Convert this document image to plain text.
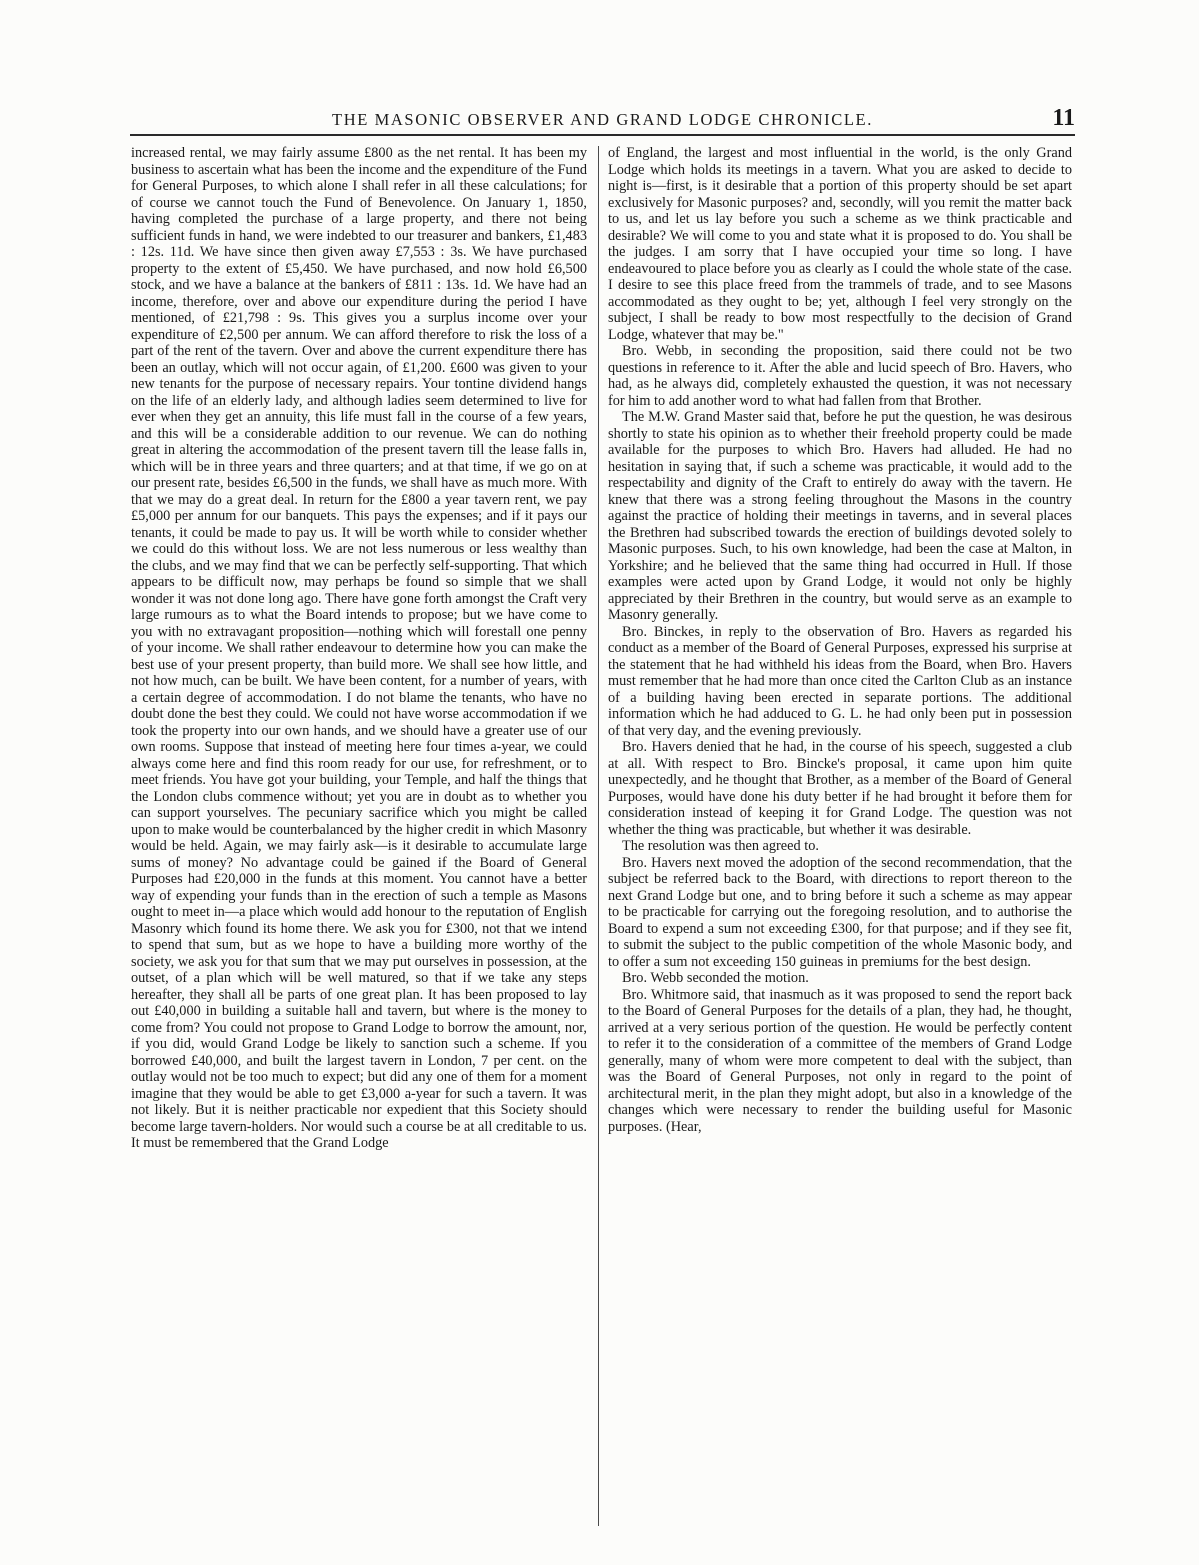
THE MASONIC OBSERVER AND GRAND LODGE CHRONICLE.	11

increased rental, we may fairly assume £800 as the net rental. It has been my business to ascertain what has been the income and the expenditure of the Fund for General Purposes, to which alone I shall refer in all these calculations; for of course we cannot touch the Fund of Benevolence. On January 1, 1850, having completed the purchase of a large property, and there not being sufficient funds in hand, we were indebted to our treasurer and bankers, £1,483 : 12s. 11d. We have since then given away £7,553 : 3s. We have purchased property to the extent of £5,450. We have purchased, and now hold £6,500 stock, and we have a balance at the bankers of £811 : 13s. 1d. We have had an income, therefore, over and above our expenditure during the period I have mentioned, of £21,798 : 9s. This gives you a surplus income over your expenditure of £2,500 per annum. We can afford therefore to risk the loss of a part of the rent of the tavern. Over and above the current expenditure there has been an outlay, which will not occur again, of £1,200. £600 was given to your new tenants for the purpose of necessary repairs. Your tontine dividend hangs on the life of an elderly lady, and although ladies seem determined to live for ever when they get an annuity, this life must fall in the course of a few years, and this will be a considerable addition to our revenue. We can do nothing great in altering the accommodation of the present tavern till the lease falls in, which will be in three years and three quarters; and at that time, if we go on at our present rate, besides £6,500 in the funds, we shall have as much more. With that we may do a great deal. In return for the £800 a year tavern rent, we pay £5,000 per annum for our banquets. This pays the expenses; and if it pays our tenants, it could be made to pay us. It will be worth while to consider whether we could do this without loss. We are not less numerous or less wealthy than the clubs, and we may find that we can be perfectly self-supporting. That which appears to be difficult now, may perhaps be found so simple that we shall wonder it was not done long ago. There have gone forth amongst the Craft very large rumours as to what the Board intends to propose; but we have come to you with no extravagant proposition—nothing which will forestall one penny of your income. We shall rather endeavour to determine how you can make the best use of your present property, than build more. We shall see how little, and not how much, can be built. We have been content, for a number of years, with a certain degree of accommodation. I do not blame the tenants, who have no doubt done the best they could. We could not have worse accommodation if we took the property into our own hands, and we should have a greater use of our own rooms. Suppose that instead of meeting here four times a-year, we could always come here and find this room ready for our use, for refreshment, or to meet friends. You have got your building, your Temple, and half the things that the London clubs commence without; yet you are in doubt as to whether you can support yourselves. The pecuniary sacrifice which you might be called upon to make would be counterbalanced by the higher credit in which Masonry would be held. Again, we may fairly ask—is it desirable to accumulate large sums of money? No advantage could be gained if the Board of General Purposes had £20,000 in the funds at this moment. You cannot have a better way of expending your funds than in the erection of such a temple as Masons ought to meet in—a place which would add honour to the reputation of English Masonry which found its home there. We ask you for £300, not that we intend to spend that sum, but as we hope to have a building more worthy of the society, we ask you for that sum that we may put ourselves in possession, at the outset, of a plan which will be well matured, so that if we take any steps hereafter, they shall all be parts of one great plan. It has been proposed to lay out £40,000 in building a suitable hall and tavern, but where is the money to come from? You could not propose to Grand Lodge to borrow the amount, nor, if you did, would Grand Lodge be likely to sanction such a scheme. If you borrowed £40,000, and built the largest tavern in London, 7 per cent. on the outlay would not be too much to expect; but did any one of them for a moment imagine that they would be able to get £3,000 a-year for such a tavern. It was not likely. But it is neither practicable nor expedient that this Society should become large tavern-holders. Nor would such a course be at all creditable to us. It must be remembered that the Grand Lodge

of England, the largest and most influential in the world, is the only Grand Lodge which holds its meetings in a tavern. What you are asked to decide to night is—first, is it desirable that a portion of this property should be set apart exclusively for Masonic purposes? and, secondly, will you remit the matter back to us, and let us lay before you such a scheme as we think practicable and desirable? We will come to you and state what it is proposed to do. You shall be the judges. I am sorry that I have occupied your time so long. I have endeavoured to place before you as clearly as I could the whole state of the case. I desire to see this place freed from the trammels of trade, and to see Masons accommodated as they ought to be; yet, although I feel very strongly on the subject, I shall be ready to bow most respectfully to the decision of Grand Lodge, whatever that may be."

Bro. Webb, in seconding the proposition, said there could not be two questions in reference to it. After the able and lucid speech of Bro. Havers, who had, as he always did, completely exhausted the question, it was not necessary for him to add another word to what had fallen from that Brother.

The M.W. Grand Master said that, before he put the question, he was desirous shortly to state his opinion as to whether their freehold property could be made available for the purposes to which Bro. Havers had alluded. He had no hesitation in saying that, if such a scheme was practicable, it would add to the respectability and dignity of the Craft to entirely do away with the tavern. He knew that there was a strong feeling throughout the Masons in the country against the practice of holding their meetings in taverns, and in several places the Brethren had subscribed towards the erection of buildings devoted solely to Masonic purposes. Such, to his own knowledge, had been the case at Malton, in Yorkshire; and he believed that the same thing had occurred in Hull. If those examples were acted upon by Grand Lodge, it would not only be highly appreciated by their Brethren in the country, but would serve as an example to Masonry generally.

Bro. Binckes, in reply to the observation of Bro. Havers as regarded his conduct as a member of the Board of General Purposes, expressed his surprise at the statement that he had withheld his ideas from the Board, when Bro. Havers must remember that he had more than once cited the Carlton Club as an instance of a building having been erected in separate portions. The additional information which he had adduced to G. L. he had only been put in possession of that very day, and the evening previously.

Bro. Havers denied that he had, in the course of his speech, suggested a club at all. With respect to Bro. Bincke's proposal, it came upon him quite unexpectedly, and he thought that Brother, as a member of the Board of General Purposes, would have done his duty better if he had brought it before them for consideration instead of keeping it for Grand Lodge. The question was not whether the thing was practicable, but whether it was desirable.

The resolution was then agreed to.

Bro. Havers next moved the adoption of the second recommendation, that the subject be referred back to the Board, with directions to report thereon to the next Grand Lodge but one, and to bring before it such a scheme as may appear to be practicable for carrying out the foregoing resolution, and to authorise the Board to expend a sum not exceeding £300, for that purpose; and if they see fit, to submit the subject to the public competition of the whole Masonic body, and to offer a sum not exceeding 150 guineas in premiums for the best design.

Bro. Webb seconded the motion.

Bro. Whitmore said, that inasmuch as it was proposed to send the report back to the Board of General Purposes for the details of a plan, they had, he thought, arrived at a very serious portion of the question. He would be perfectly content to refer it to the consideration of a committee of the members of Grand Lodge generally, many of whom were more competent to deal with the subject, than was the Board of General Purposes, not only in regard to the point of architectural merit, in the plan they might adopt, but also in a knowledge of the changes which were necessary to render the building useful for Masonic purposes. (Hear,
